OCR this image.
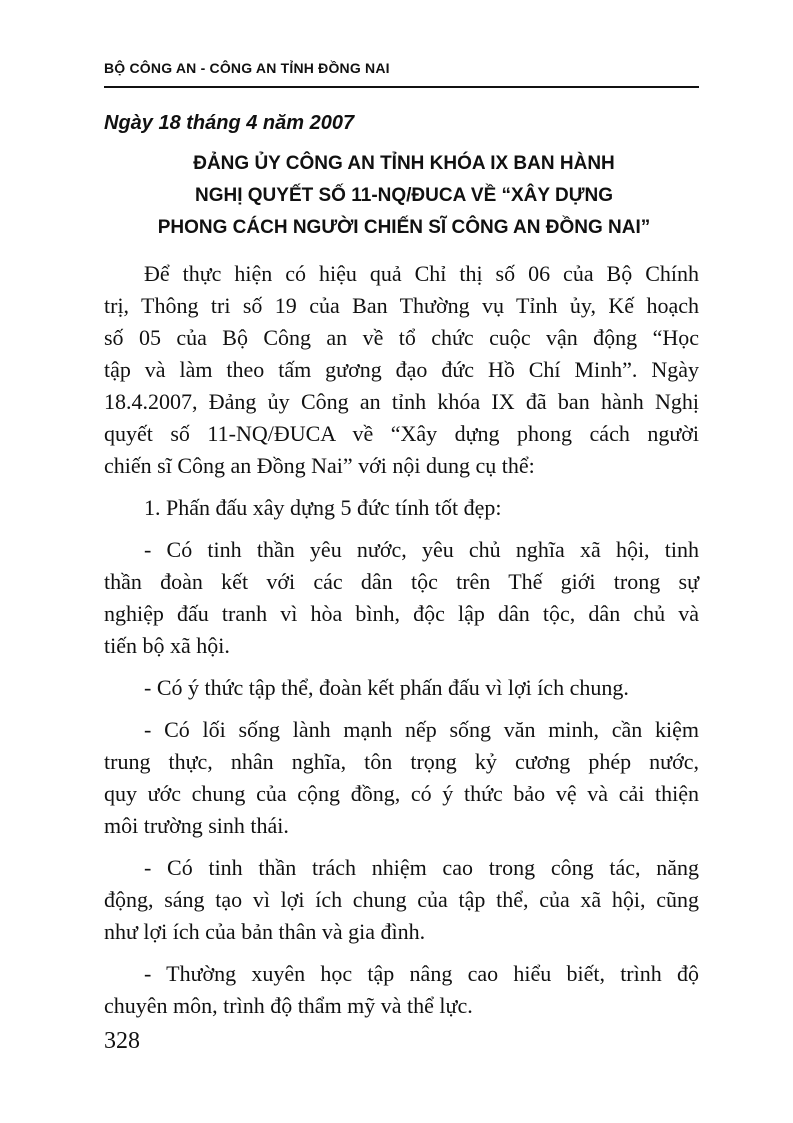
BỘ CÔNG AN - CÔNG AN TỈNH ĐỒNG NAI
Ngày 18 tháng 4 năm 2007
ĐẢNG ỦY CÔNG AN TỈNH KHÓA IX BAN HÀNH
NGHỊ QUYẾT SỐ 11-NQ/ĐUCA VỀ “XÂY DỰNG
PHONG CÁCH NGƯỜI CHIẾN SĨ CÔNG AN ĐỒNG NAI”

Để thực hiện có hiệu quả Chỉ thị số 06 của Bộ Chính
trị, Thông tri số 19 của Ban Thường vụ Tỉnh ủy, Kế hoạch
số 05 của Bộ Công an về tổ chức cuộc vận động “Học
tập và làm theo tấm gương đạo đức Hồ Chí Minh”. Ngày
18.4.2007, Đảng ủy Công an tỉnh khóa IX đã ban hành Nghị
quyết số 11-NQ/ĐUCA về “Xây dựng phong cách người
chiến sĩ Công an Đồng Nai” với nội dung cụ thể:

1. Phấn đấu xây dựng 5 đức tính tốt đẹp:

- Có tinh thần yêu nước, yêu chủ nghĩa xã hội, tinh
thần đoàn kết với các dân tộc trên Thế giới trong sự
nghiệp đấu tranh vì hòa bình, độc lập dân tộc, dân chủ và
tiến bộ xã hội.

- Có ý thức tập thể, đoàn kết phấn đấu vì lợi ích chung.

- Có lối sống lành mạnh nếp sống văn minh, cần kiệm
trung thực, nhân nghĩa, tôn trọng kỷ cương phép nước,
quy ước chung của cộng đồng, có ý thức bảo vệ và cải thiện
môi trường sinh thái.

- Có tinh thần trách nhiệm cao trong công tác, năng
động, sáng tạo vì lợi ích chung của tập thể, của xã hội, cũng
như lợi ích của bản thân và gia đình.

- Thường xuyên học tập nâng cao hiểu biết, trình độ
chuyên môn, trình độ thẩm mỹ và thể lực.

328
